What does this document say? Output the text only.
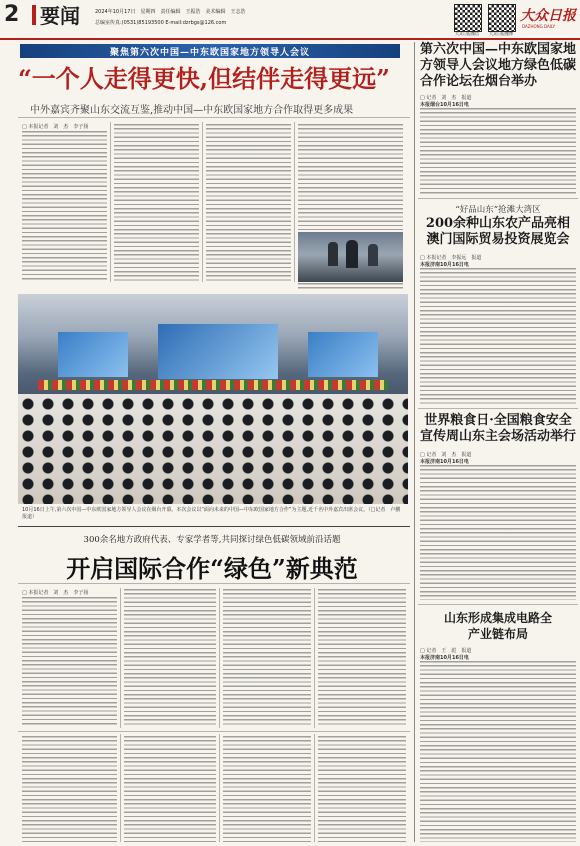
2	要闻	2024年10月17日　星期四　责任编辑　王振浩　美术编辑　王志浩
总编室传真:(0531)85193500 E-mail:dzrbgs@126.com
大众日报微信	大众日报微博
大众日报
DAZHONG DAILY
聚焦第六次中国—中东欧国家地方领导人会议
“一个人走得更快,但结伴走得更远”
中外嘉宾齐聚山东交流互鉴,推动中国—中东欧国家地方合作取得更多成果
□ 本报记者　刘　杰　李子扬
10月16日上午,第六次中国—中东欧国家地方领导人会议在烟台开幕。本次会议以“面向未来的中国—中东欧国家地方合作”为主题,近千名中外嘉宾出席会议。（□记者　卢鹏 报道）
300余名地方政府代表、专家学者等,共同探讨绿色低碳领域前沿话题
开启国际合作“绿色”新典范
□ 本报记者　刘　杰　李子扬
第六次中国—中东欧国家地方领导人会议地方绿色低碳合作论坛在烟台举办
□ 记者　刘　杰　报道
本报烟台10月16日电
“好品山东”抢滩大湾区
200余种山东农产品亮相澳门国际贸易投资展览会
□ 本报记者　李振远　报道
本报济南10月16日电
世界粮食日·全国粮食安全宣传周山东主会场活动举行
□ 记者　刘　杰　报道
本报济南10月16日电
山东形成集成电路全产业链布局
□ 记者　王　彪　报道
本报济南10月16日电
